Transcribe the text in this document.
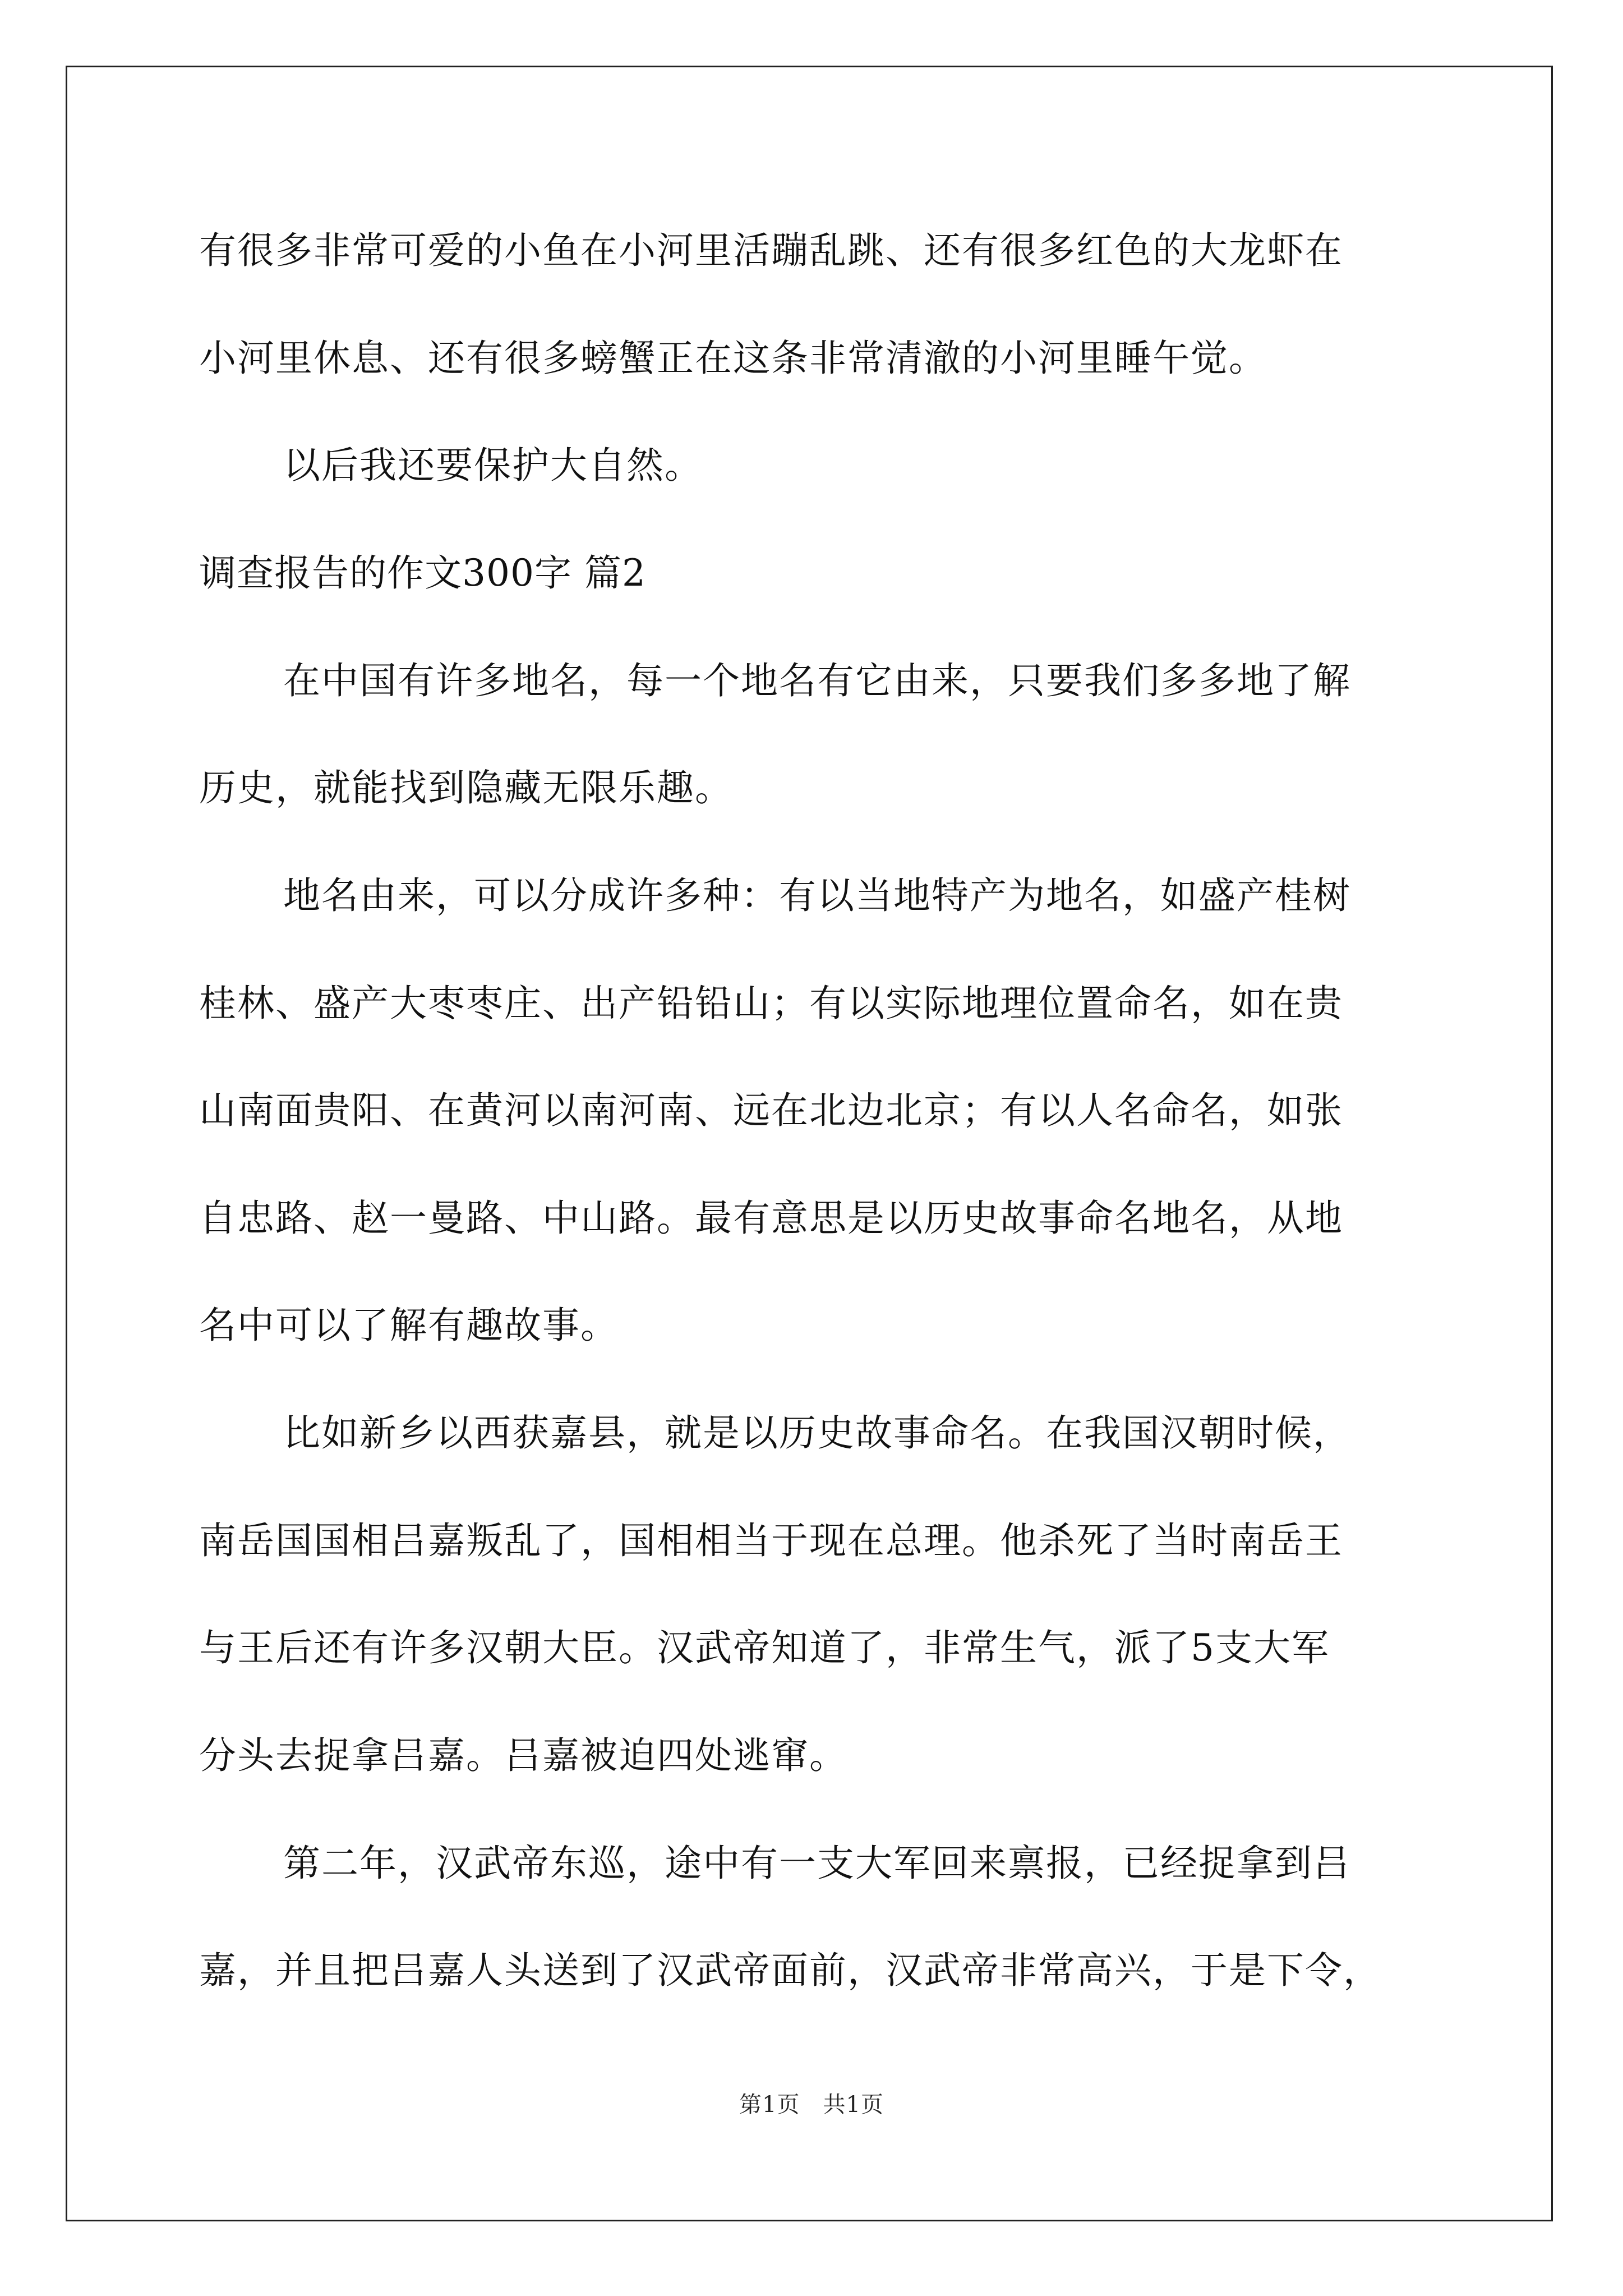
有很多非常可爱的小鱼在小河里活蹦乱跳、还有很多红色的大龙虾在
小河里休息、还有很多螃蟹正在这条非常清澈的小河里睡午觉。
以后我还要保护大自然。
调查报告的作文300字 篇2
在中国有许多地名，每一个地名有它由来，只要我们多多地了解
历史，就能找到隐藏无限乐趣。
地名由来，可以分成许多种：有以当地特产为地名，如盛产桂树
桂林、盛产大枣枣庄、出产铅铅山；有以实际地理位置命名，如在贵
山南面贵阳、在黄河以南河南、远在北边北京；有以人名命名，如张
自忠路、赵一曼路、中山路。最有意思是以历史故事命名地名，从地
名中可以了解有趣故事。
比如新乡以西获嘉县，就是以历史故事命名。在我国汉朝时候，
南岳国国相吕嘉叛乱了，国相相当于现在总理。他杀死了当时南岳王
与王后还有许多汉朝大臣。汉武帝知道了，非常生气，派了5支大军
分头去捉拿吕嘉。吕嘉被迫四处逃窜。
第二年，汉武帝东巡，途中有一支大军回来禀报，已经捉拿到吕
嘉，并且把吕嘉人头送到了汉武帝面前，汉武帝非常高兴，于是下令，
第1页　共1页
